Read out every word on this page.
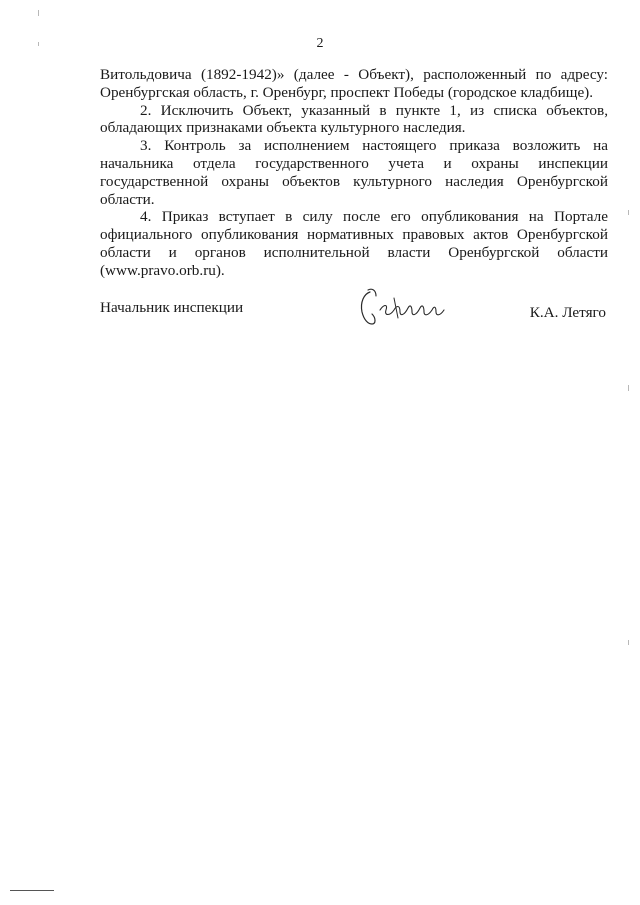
2

Витольдовича (1892-1942)» (далее - Объект), расположенный по адресу: Оренбургская область, г. Оренбург, проспект Победы (городское кладбище).

2. Исключить Объект, указанный в пункте 1, из списка объектов, обладающих признаками объекта культурного наследия.

3. Контроль за исполнением настоящего приказа возложить на начальника отдела государственного учета и охраны инспекции государственной охраны объектов культурного наследия Оренбургской области.

4. Приказ вступает в силу после его опубликования на Портале официального опубликования нормативных правовых актов Оренбургской области и органов исполнительной власти Оренбургской области (www.pravo.orb.ru).

Начальник инспекции	К.А. Летяго
